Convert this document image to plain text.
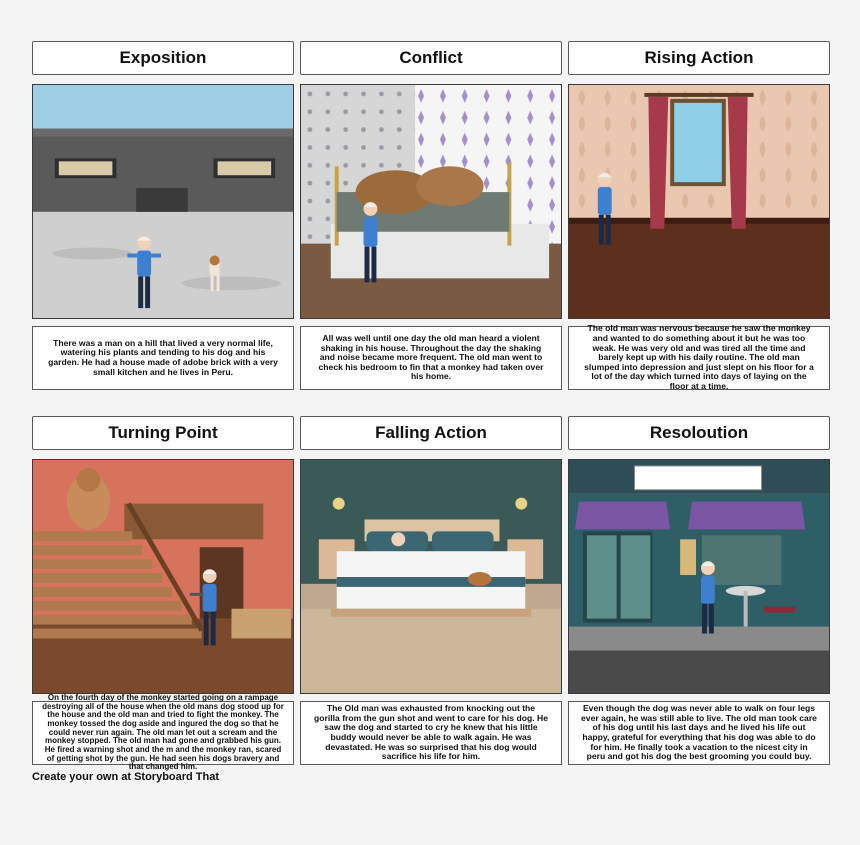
Exposition	Conflict	Rising Action
There was a man on a hill that lived a very normal life, watering his plants and tending to his dog and his garden. He had a house made of adobe brick with a very small kitchen and he lives in Peru.
All was well until one day the old man heard a violent shaking in his house. Throughout the day the shaking and noise became more frequent. The old man went to check his bedroom to fin that a monkey had taken over his home.
The old man was nervous because he saw the monkey and wanted to do something about it but he was too weak. He was very old and was tired all the time and barely kept up with his daily routine. The old man slumped into depression and just slept on his floor for a lot of the day which turned into days of laying on the floor at a time.
Turning Point	Falling Action	Resoloution
On the fourth day of the monkey started going on a rampage destroying all of the house when the old mans dog stood up for the house and the old man and tried to fight the monkey. The monkey tossed the dog aside and ingured the dog so that he could never run again. The old man let out a scream and the monkey stopped. The old man had gone and grabbed his gun. He fired a warning shot and the m and the monkey ran, scared of getting shot by the gun. He had seen his dogs bravery and that changed him.
The Old man was exhausted from knocking out the gorilla from the gun shot and went to care for his dog. He saw the dog and started to cry he knew that his little buddy would never be able to walk again. He was devastated. He was so surprised that his dog would sacrifice his life for him.
Even though the dog was never able to walk on four legs ever again, he was still able to live. The old man took care of his dog until his last days and he lived his life out happy, grateful for everything that his dog was able to do for him. He finally took a vacation to the nicest city in peru and got his dog the best grooming you could buy.
Create your own at Storyboard That
